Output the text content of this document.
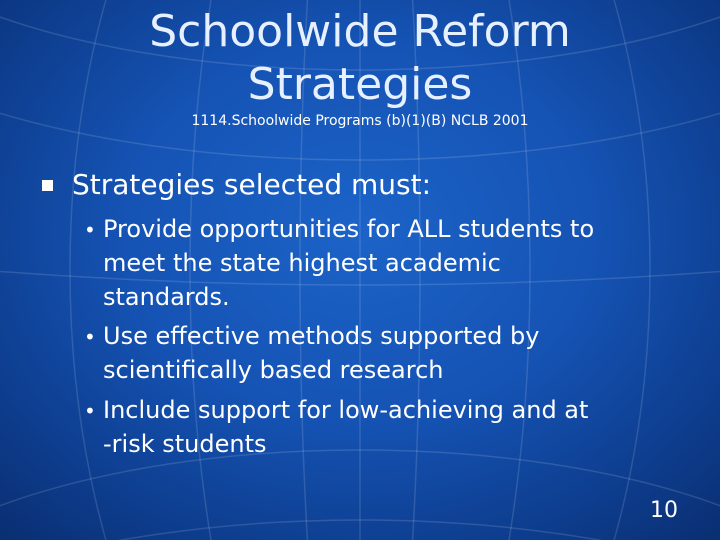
Schoolwide Reform
Strategies
1114.Schoolwide Programs (b)(1)(B) NCLB 2001
Strategies selected must:
• Provide opportunities for ALL students to
meet the state highest academic
standards.
• Use effective methods supported by
scientifically based research
• Include support for low-achieving and at
-risk students
10
